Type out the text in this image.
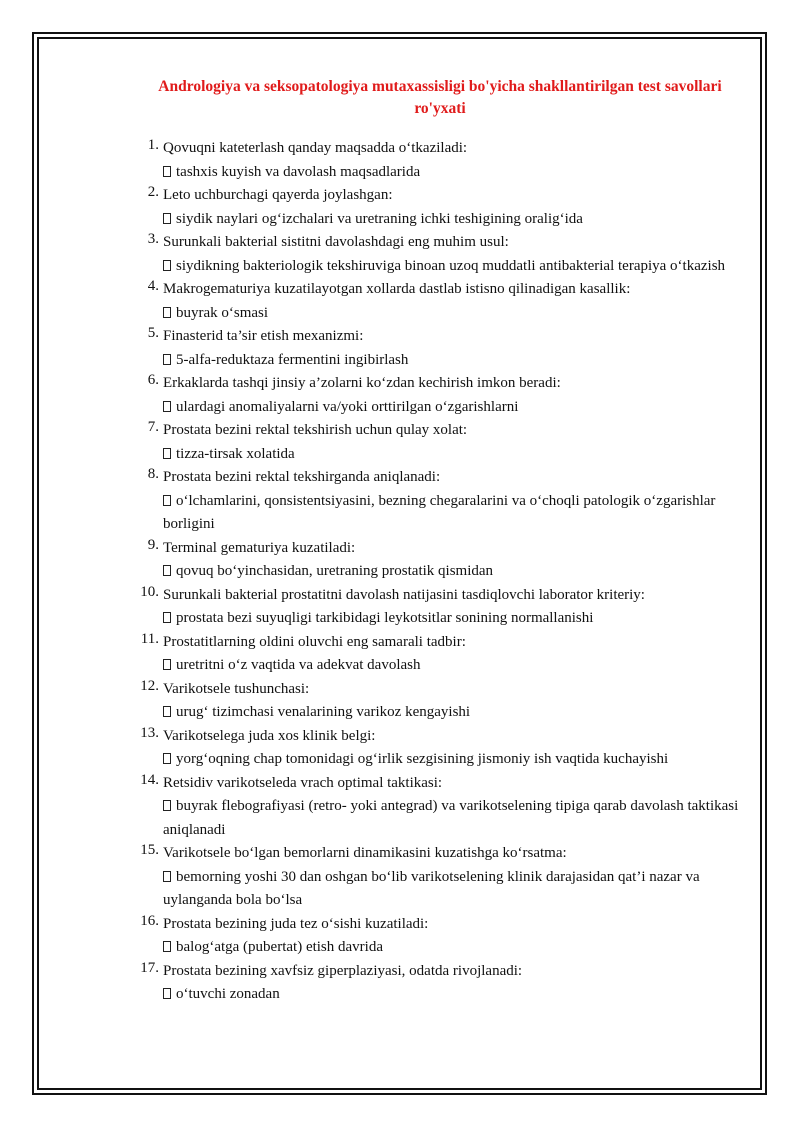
Andrologiya va seksopatologiya mutaxassisligi bo'yicha shakllantirilgan test savollari
ro'yxati
1. Qovuqni kateterlash qanday maqsadda o‘tkaziladi:
tashxis kuyish va davolash maqsadlarida
2. Leto uchburchagi qayerda joylashgan:
siydik naylari og‘izchalari va uretraning ichki teshigining oralig‘ida
3. Surunkali bakterial sistitni davolashdagi eng muhim usul:
siydikning bakteriologik tekshiruviga binoan uzoq muddatli antibakterial terapiya o‘tkazish
4. Makrogematuriya kuzatilayotgan xollarda dastlab istisno qilinadigan kasallik:
buyrak o‘smasi
5. Finasterid ta’sir etish mexanizmi:
5-alfa-reduktaza fermentini ingibirlash
6. Erkaklarda tashqi jinsiy a’zolarni ko‘zdan kechirish imkon beradi:
ulardagi anomaliyalarni va/yoki orttirilgan o‘zgarishlarni
7. Prostata bezini rektal tekshirish uchun qulay xolat:
tizza-tirsak xolatida
8. Prostata bezini rektal tekshirganda aniqlanadi:
o‘lchamlarini, qonsistentsiyasini, bezning chegaralarini va o‘choqli patologik o‘zgarishlar borligini
9. Terminal gematuriya kuzatiladi:
qovuq bo‘yinchasidan, uretraning prostatik qismidan
10. Surunkali bakterial prostatitni davolash natijasini tasdiqlovchi laborator kriteriy:
prostata bezi suyuqligi tarkibidagi leykotsitlar sonining normallanishi
11. Prostatitlarning oldini oluvchi eng samarali tadbir:
uretritni o‘z vaqtida va adekvat davolash
12. Varikotsele tushunchasi:
urug‘ tizimchasi venalarining varikoz kengayishi
13. Varikotselega juda xos klinik belgi:
yorg‘oqning chap tomonidagi og‘irlik sezgisining jismoniy ish vaqtida kuchayishi
14. Retsidiv varikotseleda vrach optimal taktikasi:
buyrak flebografiyasi (retro- yoki antegrad) va varikotselening tipiga qarab davolash taktikasi aniqlanadi
15. Varikotsele bo‘lgan bemorlarni dinamikasini kuzatishga ko‘rsatma:
bemorning yoshi 30 dan oshgan bo‘lib varikotselening klinik darajasidan qat’i nazar va uylanganda bola bo‘lsa
16. Prostata bezining juda tez o‘sishi kuzatiladi:
balog‘atga (pubertat) etish davrida
17. Prostata bezining xavfsiz giperplaziyasi, odatda rivojlanadi:
o‘tuvchi zonadan
